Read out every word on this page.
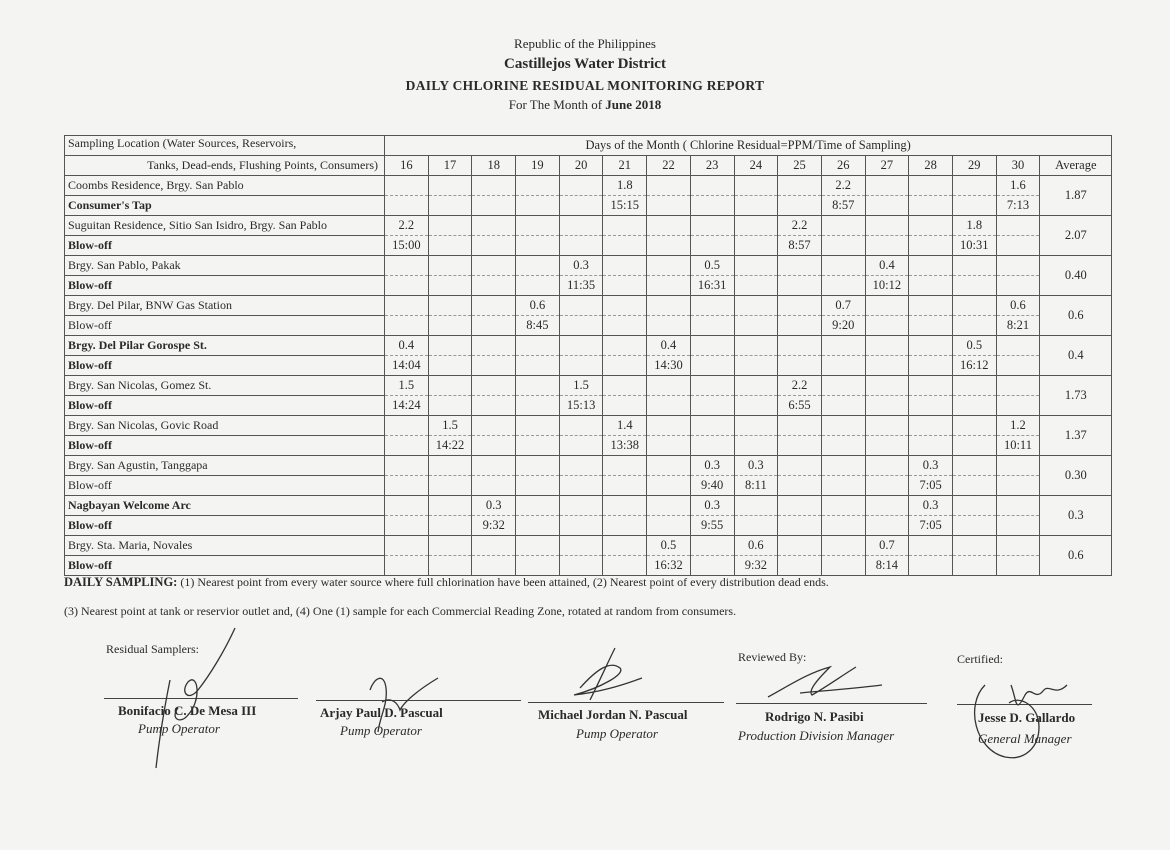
Republic of the Philippines
Castillejos Water District
DAILY CHLORINE RESIDUAL MONITORING REPORT
For The Month of June 2018
Sampling Location (Water Sources, Reservoirs,	Days of the Month ( Chlorine Residual=PPM/Time of Sampling)															
Tanks, Dead-ends, Flushing Points, Consumers)	16	17	18	19	20	21	22	23	24	25	26	27	28	29	30	Average
Coombs Residence, Brgy. San Pablo						1.8					2.2				1.6	1.87
Consumer's Tap						15:15					8:57				7:13	
Suguitan Residence, Sitio San Isidro, Brgy. San Pablo	2.2									2.2				1.8		2.07
Blow-off	15:00									8:57				10:31		
Brgy. San Pablo, Pakak					0.3			0.5				0.4				0.40
Blow-off					11:35			16:31				10:12				
Brgy. Del Pilar, BNW Gas Station				0.6							0.7				0.6	0.6
Blow-off				8:45							9:20				8:21	
Brgy. Del Pilar Gorospe St.	0.4						0.4							0.5		0.4
Blow-off	14:04						14:30							16:12		
Brgy. San Nicolas, Gomez St.	1.5				1.5					2.2						1.73
Blow-off	14:24				15:13					6:55						
Brgy. San Nicolas, Govic Road		1.5				1.4									1.2	1.37
Blow-off		14:22				13:38									10:11	
Brgy. San Agustin, Tanggapa								0.3	0.3				0.3			0.30
Blow-off								9:40	8:11				7:05			
Nagbayan Welcome Arc			0.3					0.3					0.3			0.3
Blow-off			9:32					9:55					7:05			
Brgy. Sta. Maria, Novales							0.5		0.6			0.7				0.6
Blow-off							16:32		9:32			8:14				
DAILY SAMPLING: (1) Nearest point from every water source where full chlorination have been attained, (2) Nearest point of every distribution dead ends.
(3) Nearest point at tank or reservior outlet and, (4) One (1) sample for each Commercial Reading Zone, rotated at random from consumers.
Residual Samplers:
Reviewed By:	Certified:
Bonifacio C. De Mesa III
Pump Operator
Arjay Paul D. Pascual
Pump Operator
Michael Jordan N. Pascual
Pump Operator
Rodrigo N. Pasibi
Production Division Manager
Jesse D. Gallardo
General Manager
